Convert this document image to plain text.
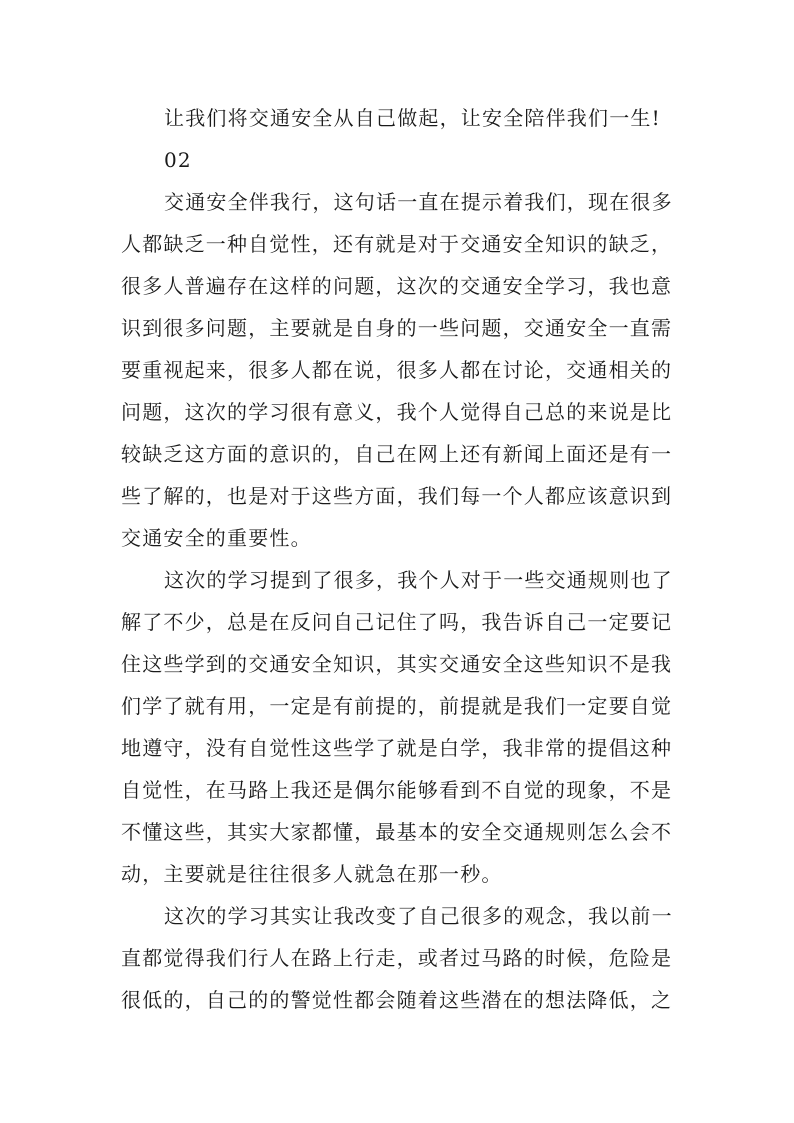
让我们将交通安全从自己做起，让安全陪伴我们一生!
02
交通安全伴我行，这句话一直在提示着我们，现在很多
人都缺乏一种自觉性，还有就是对于交通安全知识的缺乏，
很多人普遍存在这样的问题，这次的交通安全学习，我也意
识到很多问题，主要就是自身的一些问题，交通安全一直需
要重视起来，很多人都在说，很多人都在讨论，交通相关的
问题，这次的学习很有意义，我个人觉得自己总的来说是比
较缺乏这方面的意识的，自己在网上还有新闻上面还是有一
些了解的，也是对于这些方面，我们每一个人都应该意识到
交通安全的重要性。
这次的学习提到了很多，我个人对于一些交通规则也了
解了不少，总是在反问自己记住了吗，我告诉自己一定要记
住这些学到的交通安全知识，其实交通安全这些知识不是我
们学了就有用，一定是有前提的，前提就是我们一定要自觉
地遵守，没有自觉性这些学了就是白学，我非常的提倡这种
自觉性，在马路上我还是偶尔能够看到不自觉的现象，不是
不懂这些，其实大家都懂，最基本的安全交通规则怎么会不
动，主要就是往往很多人就急在那一秒。
这次的学习其实让我改变了自己很多的观念，我以前一
直都觉得我们行人在路上行走，或者过马路的时候，危险是
很低的，自己的的警觉性都会随着这些潜在的想法降低，之
